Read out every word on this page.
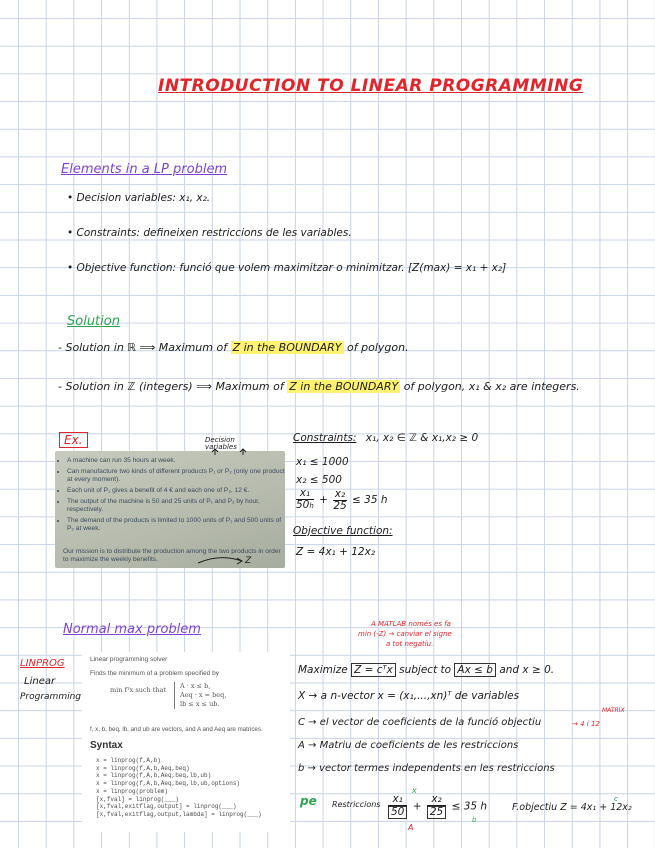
INTRODUCTION TO LINEAR PROGRAMMING
Elements in a LP problem
• Decision variables: x₁, x₂.
• Constraints: defineixen restriccions de les variables.
• Objective function: funció que volem maximitzar o minimitzar. [Z(max) = x₁ + x₂]
Solution
- Solution in ℝ ⟹ Maximum of Z in the BOUNDARY of polygon.
- Solution in ℤ (integers) ⟹ Maximum of Z in the BOUNDARY of polygon, x₁ & x₂ are integers.
Ex.	Decision variables
• A machine can run 35 hours at week.
• Can manufacture two kinds of different products P₁ or P₂ (only one product at every moment).
• Each unit of P₁ gives a benefit of 4 € and each one of P₂, 12 €.
• The output of the machine is 50 and 25 units of P₁ and P₂ by hour, respectively.
• The demand of the products is limited to 1000 units of P₁ and 500 units of P₂ at week.
Our mission is to distribute the production among the two products in order to maximize the weekly benefits.	Z
Constraints: x₁, x₂ ∈ ℤ & x₁,x₂ ≥ 0
x₁ ≤ 1000
x₂ ≤ 500
$\frac{\text{x₁}}{50h} + \frac{\text{x₂}}{25} \le 35$ h
Objective function:
Z = 4x₁ + 12x₂
Normal max problem	A MATLAB només es fa
min (-Z) → canviar el signe
a tot negatiu.
LINPROG
Linear
Programming
Linear programming solver
Finds the minimum of a problem specified by
min fᵀx such that A · x ≤ b,
Aeq · x = beq,
lb ≤ x ≤ ub.
f, x, b, beq, lb, and ub are vectors, and A and Aeq are matrices.
Syntax
x = linprog(f,A,b)
x = linprog(f,A,b,Aeq,beq)
x = linprog(f,A,b,Aeq,beq,lb,ub)
x = linprog(f,A,b,Aeq,beq,lb,ub,options)
x = linprog(problem)
[x,fval] = linprog(___)
[x,fval,exitflag,output] = linprog(___)
[x,fval,exitflag,output,lambda] = linprog(___)
Maximize Z = cᵀx subject to Ax ≤ b and x ≥ 0.
X → a n-vector x = (x₁,...,xn)ᵀ de variables
C → el vector de coeficients de la funció objectiu	→ 4 i 12
MATRIX
A → Matriu de coeficients de les restriccions
b → vector termes independents en les restriccions
pe Restriccions $\frac{\text{x₁}}{50} + \frac{\text{x₂}}{25} \le 35$ h	F.objectiu Z = 4x₁ + 12x₂
x
A
b
c
